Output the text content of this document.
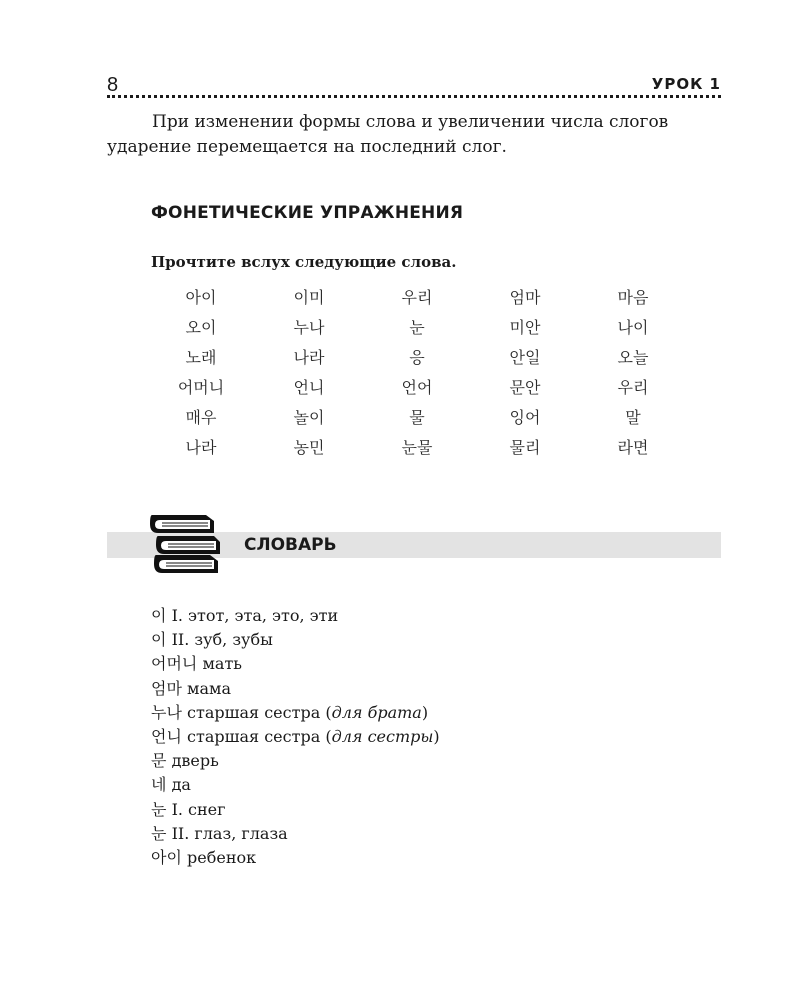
8	УРОК 1

При изменении формы слова и увеличении числа слогов ударение перемещается на последний слог.

ФОНЕТИЧЕСКИЕ УПРАЖНЕНИЯ

Прочтите вслух следующие слова.

아이	이미	우리	엄마	마음
오이	누나	눈	미안	나이
노래	나라	응	안일	오늘
어머니	언니	언어	문안	우리
매우	놀이	물	잉어	말
나라	농민	눈물	물리	라면
СЛОВАРЬ
이 I. этот, эта, это, эти
이 II. зуб, зубы
어머니 мать
엄마 мама
누나 старшая сестра (для брата)
언니 старшая сестра (для сестры)
문 дверь
네 да
눈 I. снег
눈 II. глаз, глаза
아이 ребенок
